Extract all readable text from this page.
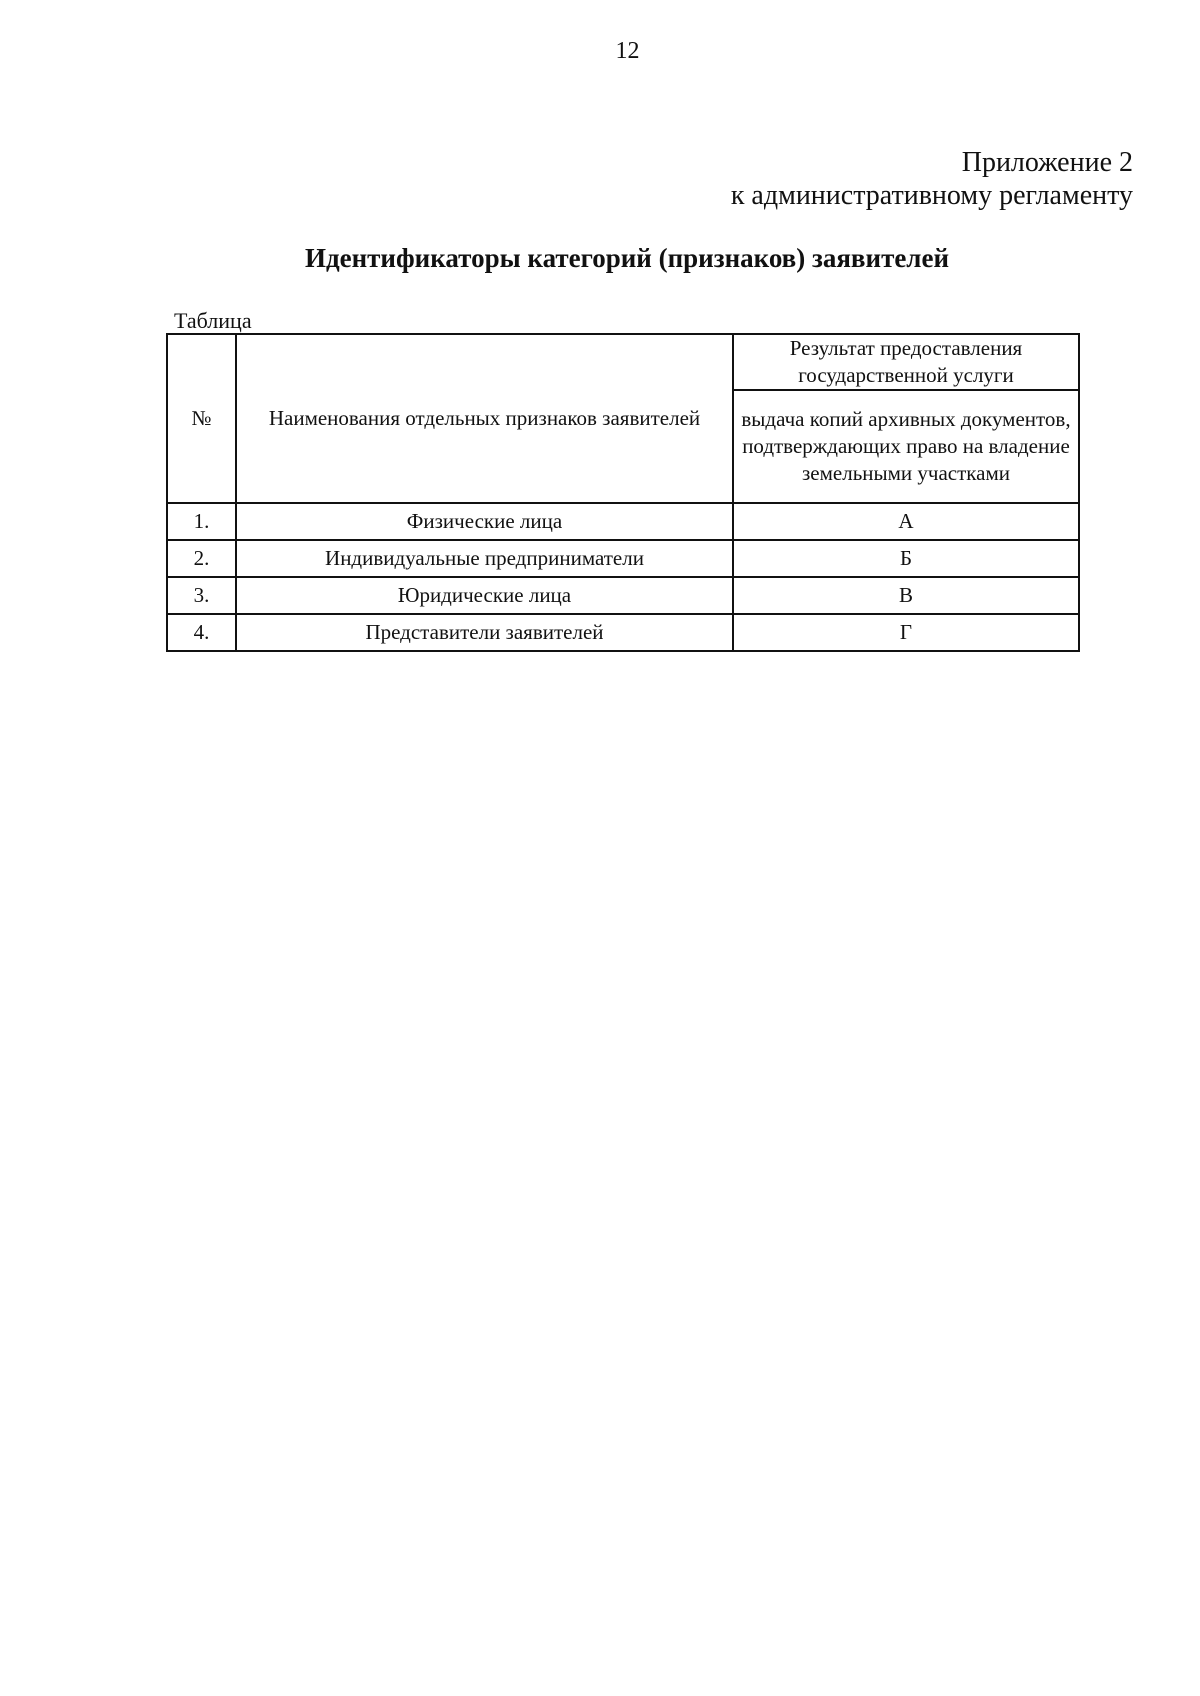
12
Приложение 2
к административному регламенту
Идентификаторы категорий (признаков) заявителей
Таблица
№	Наименования отдельных признаков заявителей	Результат предоставления государственной услуги
		выдача копий архивных документов, подтверждающих право на владение земельными участками
1.	Физические лица	А
2.	Индивидуальные предприниматели	Б
3.	Юридические лица	В
4.	Представители заявителей	Г
